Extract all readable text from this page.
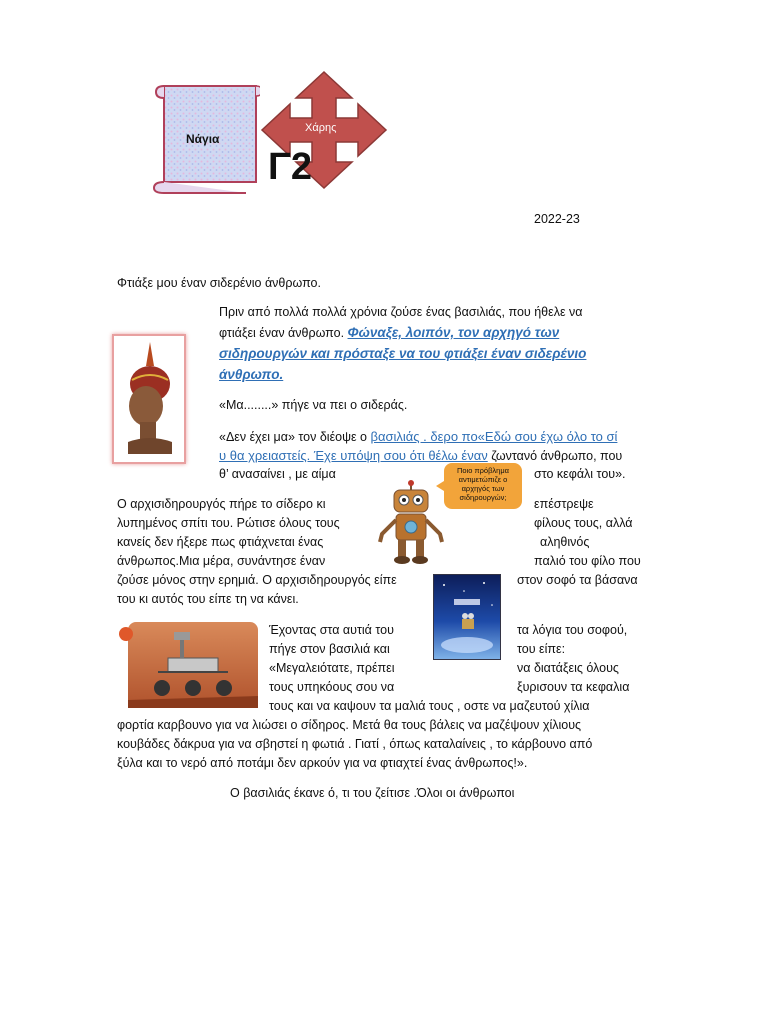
Νάγια
Χάρης
Γ2
2022-23
Φτιάξε μου έναν σιδερένιο άνθρωπο.
Πριν από πολλά πολλά χρόνια ζούσε ένας βασιλιάς, που ήθελε να
φτιάξει έναν άνθρωπο. Φώναξε, λοιπόν, τον αρχηγό των
σιδηρουργών και πρόσταξε να του φτιάξει έναν σιδερένιο
άνθρωπο.
«Μα........» πήγε να πει ο σιδεράς.
«Δεν έχει μα» τον διέοψε ο βασιλιάς . δερο πο«Εδώ σου έχω όλο το σί
υ θα χρειαστείς. Έχε υπόψη σου ότι θέλω έναν ζωντανό άνθρωπο, που
θ’ ανασαίνει , με αίμα	στο κεφάλι του».
Ποιο πρόβλημα αντιμετώπιζε ο αρχηγός των σιδηρουργών;
Ο αρχισιδηρουργός πήρε το σίδερο κι	επέστρεψε
λυπημένος σπίτι του. Ρώτισε όλους τους	φίλους τους, αλλά
κανείς δεν ήξερε πως φτιάχνεται ένας	αληθινός
άνθρωπος.Μια μέρα, συνάντησε έναν	παλιό του φίλο που
ζούσε μόνος στην ερημιά. Ο αρχισιδηρουργός είπε	στον σοφό τα βάσανα
του κι αυτός του είπε τη να κάνει.
Έχοντας στα αυτιά του	τα λόγια του σοφού,
πήγε στον βασιλιά και	του είπε:
«Μεγαλειότατε, πρέπει	να διατάξεις όλους
τους υπηκόους σου να	ξυρισουν τα κεφαλια
τους και να καψουν τα μαλιά τους , οστε να μαζευτού χίλια
φορτία καρβουνο για να λιώσει ο σίδηρος. Μετά θα τους βάλεις να μαζέψουν χίλιους
κουβάδες δάκρυα για να σβηστεί η φωτιά . Γιατί , όπως καταλαίνεις , το κάρβουνο από
ξύλα και το νερό από ποτάμι δεν αρκούν για να φτιαχτεί ένας άνθρωπος!».
Ο βασιλιάς έκανε ό, τι του ζείτισε .Όλοι οι άνθρωποι
